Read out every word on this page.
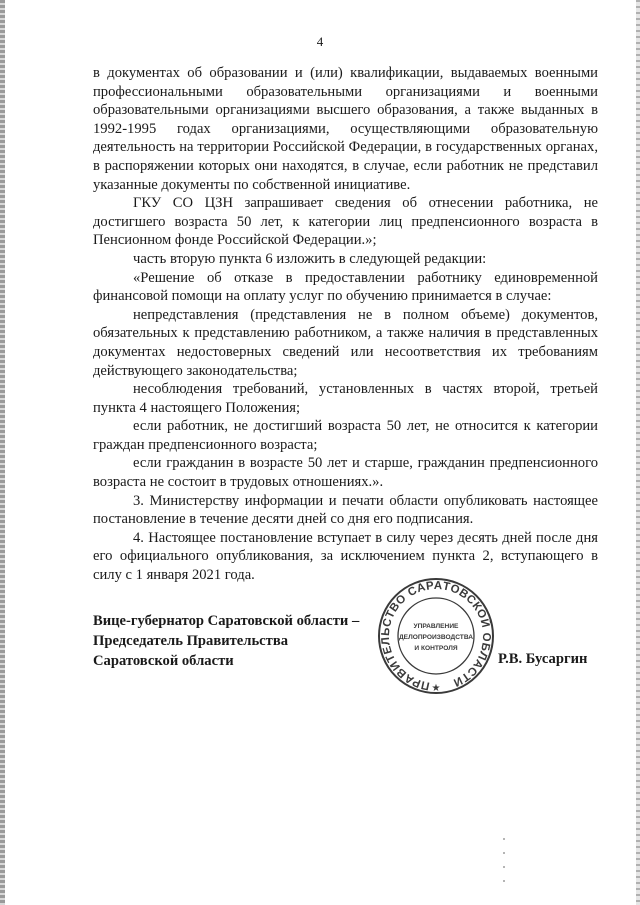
4

в документах об образовании и (или) квалификации, выдаваемых военными профессиональными образовательными организациями и военными образовательными организациями высшего образования, а также выданных в 1992-1995 годах организациями, осуществляющими образовательную деятельность на территории Российской Федерации, в государственных органах, в распоряжении которых они находятся, в случае, если работник не представил указанные документы по собственной инициативе.

ГКУ СО ЦЗН запрашивает сведения об отнесении работника, не достигшего возраста 50 лет, к категории лиц предпенсионного возраста в Пенсионном фонде Российской Федерации.»;

часть вторую пункта 6 изложить в следующей редакции:

«Решение об отказе в предоставлении работнику единовременной финансовой помощи на оплату услуг по обучению принимается в случае:

непредставления (представления не в полном объеме) документов, обязательных к представлению работником, а также наличия в представленных документах недостоверных сведений или несоответствия их требованиям действующего законодательства;

несоблюдения требований, установленных в частях второй, третьей пункта 4 настоящего Положения;

если работник, не достигший возраста 50 лет, не относится к категории граждан предпенсионного возраста;

если гражданин в возрасте 50 лет и старше, гражданин предпенсионного возраста не состоит в трудовых отношениях.».

3. Министерству информации и печати области опубликовать настоящее постановление в течение десяти дней со дня его подписания.

4. Настоящее постановление вступает в силу через десять дней после дня его официального опубликования, за исключением пункта 2, вступающего в силу с 1 января 2021 года.

Вице-губернатор Саратовской области –
Председатель Правительства
Саратовской области
ПРАВИТЕЛЬСТВО САРАТОВСКОЙ ОБЛАСТИ
УПРАВЛЕНИЕ
ДЕЛОПРОИЗВОДСТВА
И КОНТРОЛЯ
★
Р.В. Бусаргин
